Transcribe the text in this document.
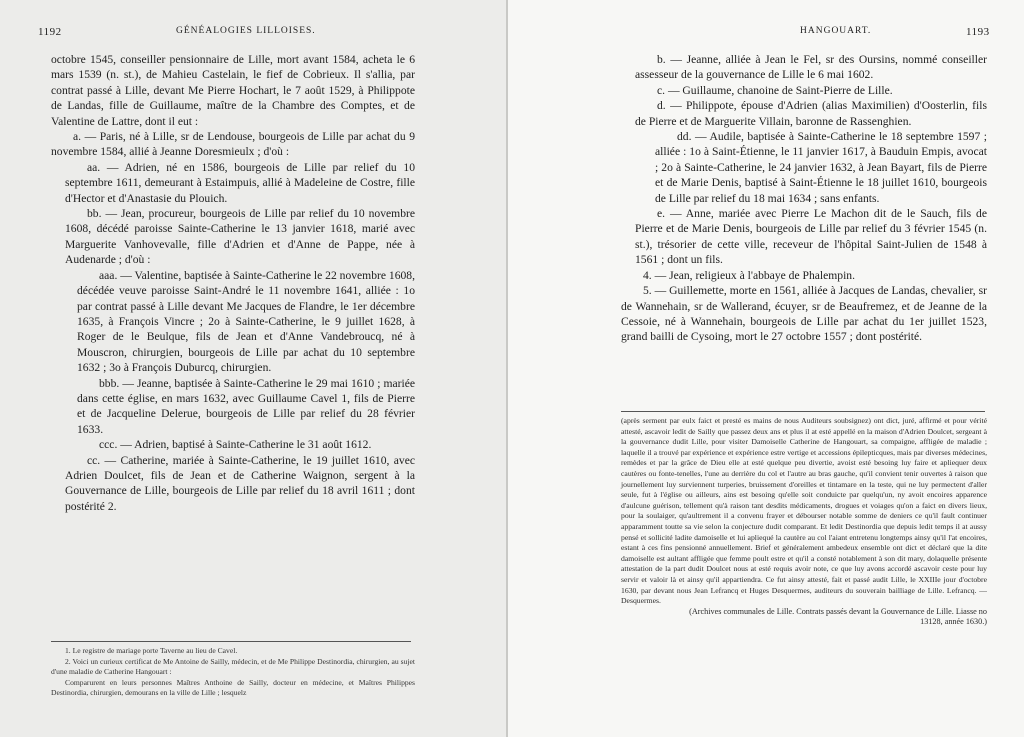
1192	GÉNÉALOGIES LILLOISES.

octobre 1545, conseiller pensionnaire de Lille, mort avant 1584, acheta le 6 mars 1539 (n. st.), de Mahieu Castelain, le fief de Cobrieux. Il s'allia, par contrat passé à Lille, devant Me Pierre Hochart, le 7 août 1529, à Philippote de Landas, fille de Guillaume, maître de la Chambre des Comptes, et de Valentine de Lattre, dont il eut :

a. — Paris, né à Lille, sr de Lendouse, bourgeois de Lille par achat du 9 novembre 1584, allié à Jeanne Doresmieulx ; d'où :

aa. — Adrien, né en 1586, bourgeois de Lille par relief du 10 septembre 1611, demeurant à Estaimpuis, allié à Madeleine de Costre, fille d'Hector et d'Anastasie du Plouich.

bb. — Jean, procureur, bourgeois de Lille par relief du 10 novembre 1608, décédé paroisse Sainte-Catherine le 13 janvier 1618, marié avec Marguerite Vanhovevalle, fille d'Adrien et d'Anne de Pappe, née à Audenarde ; d'où :

aaa. — Valentine, baptisée à Sainte-Catherine le 22 novembre 1608, décédée veuve paroisse Saint-André le 11 novembre 1641, alliée : 1o par contrat passé à Lille devant Me Jacques de Flandre, le 1er décembre 1635, à François Vincre ; 2o à Sainte-Catherine, le 9 juillet 1628, à Roger de le Beulque, fils de Jean et d'Anne Vandebroucq, né à Mouscron, chirurgien, bourgeois de Lille par achat du 10 septembre 1632 ; 3o à François Duburcq, chirurgien.

bbb. — Jeanne, baptisée à Sainte-Catherine le 29 mai 1610 ; mariée dans cette église, en mars 1632, avec Guillaume Cavel 1, fils de Pierre et de Jacqueline Delerue, bourgeois de Lille par relief du 28 février 1633.

ccc. — Adrien, baptisé à Sainte-Catherine le 31 août 1612.

cc. — Catherine, mariée à Sainte-Catherine, le 19 juillet 1610, avec Adrien Doulcet, fils de Jean et de Catherine Waignon, sergent à la Gouvernance de Lille, bourgeois de Lille par relief du 18 avril 1611 ; dont postérité 2.

1. Le registre de mariage porte Taverne au lieu de Cavel.

2. Voici un curieux certificat de Me Antoine de Sailly, médecin, et de Me Philippe Destinordia, chirurgien, au sujet d'une maladie de Catherine Hangouart :

Comparurent en leurs personnes Maîtres Anthoine de Sailly, docteur en médecine, et Maîtres Philippes Destinordia, chirurgien, demourans en la ville de Lille ; lesquelz

HANGOUART.	1193

b. — Jeanne, alliée à Jean le Fel, sr des Oursins, nommé conseiller assesseur de la gouvernance de Lille le 6 mai 1602.

c. — Guillaume, chanoine de Saint-Pierre de Lille.

d. — Philippote, épouse d'Adrien (alias Maximilien) d'Oosterlin, fils de Pierre et de Marguerite Villain, baronne de Rassenghien.

dd. — Audile, baptisée à Sainte-Catherine le 18 septembre 1597 ; alliée : 1o à Saint-Étienne, le 11 janvier 1617, à Bauduin Empis, avocat ; 2o à Sainte-Catherine, le 24 janvier 1632, à Jean Bayart, fils de Pierre et de Marie Denis, baptisé à Saint-Étienne le 18 juillet 1610, bourgeois de Lille par relief du 18 mai 1634 ; sans enfants.

e. — Anne, mariée avec Pierre Le Machon dit de le Sauch, fils de Pierre et de Marie Denis, bourgeois de Lille par relief du 3 février 1545 (n. st.), trésorier de cette ville, receveur de l'hôpital Saint-Julien de 1548 à 1561 ; dont un fils.

4. — Jean, religieux à l'abbaye de Phalempin.

5. — Guillemette, morte en 1561, alliée à Jacques de Landas, chevalier, sr de Wannehain, sr de Wallerand, écuyer, sr de Beaufremez, et de Jeanne de la Cessoie, né à Wannehain, bourgeois de Lille par achat du 1er juillet 1523, grand bailli de Cysoing, mort le 27 octobre 1557 ; dont postérité.

(après serment par eulx faict et presté es mains de nous Auditeurs soubsignez) ont dict, juré, affirmé et pour vérité attesté, ascavoir ledit de Sailly que passez deux ans et plus il at esté appellé en la maison d'Adrien Doulcet, sergeant à la gouvernance dudit Lille, pour visiter Damoiselle Catherine de Hangouart, sa compaigne, affligée de maladie ; laquelle il a trouvé par expérience et expérience estre vertige et accessions épilepticques, mais par diverses médecines, remèdes et par la grâce de Dieu elle at esté quelque peu divertie, avoist esté besoing luy faire et apliequer deux cautères ou fonte-tenelles, l'une au derrière du col et l'autre au bras gauche, qu'il convient tenir ouvertes à raison que journellement luy surviennent turperies, bruissement d'oreilles et tintamare en la teste, qui ne luy permectent d'aller seule, fut à l'église ou ailleurs, ains est besoing qu'elle soit conduicte par quelqu'un, ny avoit encoires apparence d'aulcune guérison, tellement qu'à raison tant desdits médicaments, drogues et voiages qu'on a faict en divers lieux, pour la soulaiger, qu'aultrement il a convenu frayer et débourser notable somme de deniers ce qu'il fault continuer apparamment toutte sa vie selon la conjecture dudit comparant. Et ledit Destinordia que depuis ledit temps il at aussy pensé et sollicité ladite damoiselle et lui apliequé la cautère au col l'aiant entretenu longtemps ainsy qu'il l'at encoires, estant à ces fins pensionné annuellement. Brief et généralement ambedeux ensemble ont dict et déclaré que la dite damoiselle est aultant affligée que femme poult estre et qu'il a consté notablement à son dit mary, dolaquelle présente attestation de la part dudit Doulcet nous at esté requis avoir note, ce que luy avons accordé ascavoir ceste pour luy servir et valoir là et ainsy qu'il appartiendra. Ce fut ainsy attesté, fait et passé audit Lille, le XXIIIe jour d'octobre 1630, par devant nous Jean Lefrancq et Huges Desquermes, auditeurs du souverain bailliage de Lille. Lefrancq. — Desquermes.

(Archives communales de Lille. Contrats passés devant la Gouvernance de Lille. Liasse no 13128, année 1630.)
